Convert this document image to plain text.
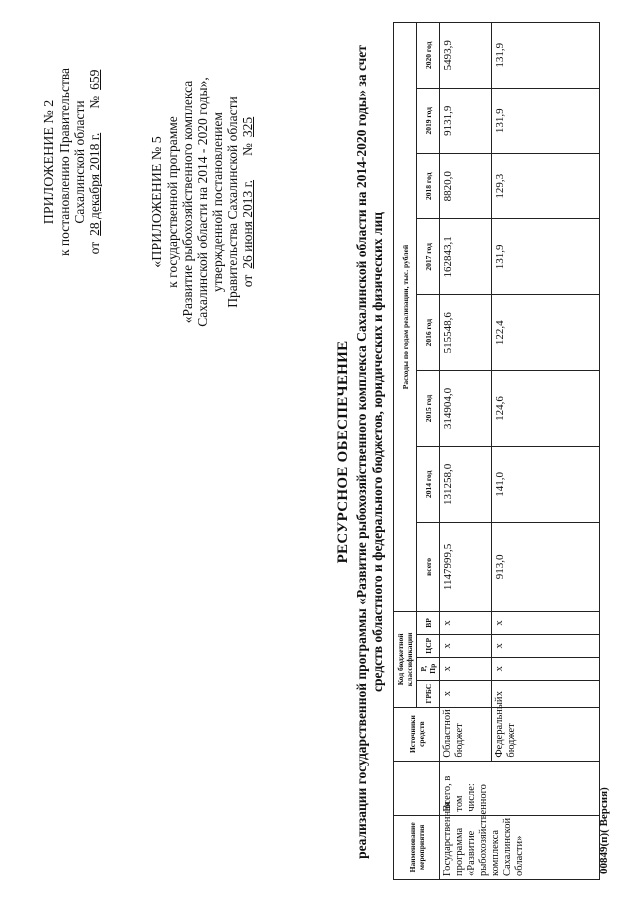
ПРИЛОЖЕНИЕ № 2 к постановлению Правительства Сахалинской области
от
28 декабря 2018 г.
№
659
«ПРИЛОЖЕНИЕ № 5 к государственной программе «Развитие рыбохозяйственного комплекса Сахалинской области на 2014 - 2020 годы», утвержденной постановлением Правительства Сахалинской области от
26 июня 2013 г.
№
325
РЕСУРСНОЕ ОБЕСПЕЧЕНИЕ реализации государственной программы «Развитие рыбохозяйственного комплекса Сахалинской области на 2014-2020 годы» за счет средств областного и федерального бюджетов, юридических и физических лиц
Наименование мероприятия		Источники средств	Код бюджетной классификации				Расходы по годам реализации, тыс. рублей							
			ГРБС	Р, Пр	ЦСР	ВР	всего	2014 год	2015 год	2016 год	2017 год	2018 год	2019 год	2020 год

Государственная программа «Развитие рыбохозяйственного комплекса Сахалинской области»	Всего, в том числе:	Областной бюджет	x	x	x	x	1147999,5	131258,0	314904,0	515548,6	162843,1	8820,0	9131,9	5493,9
		Федеральный бюджет	x	x	x	x	913,0	141,0	124,6	122,4	131,9	129,3	131,9	131,9
00849(п)( Версия)
